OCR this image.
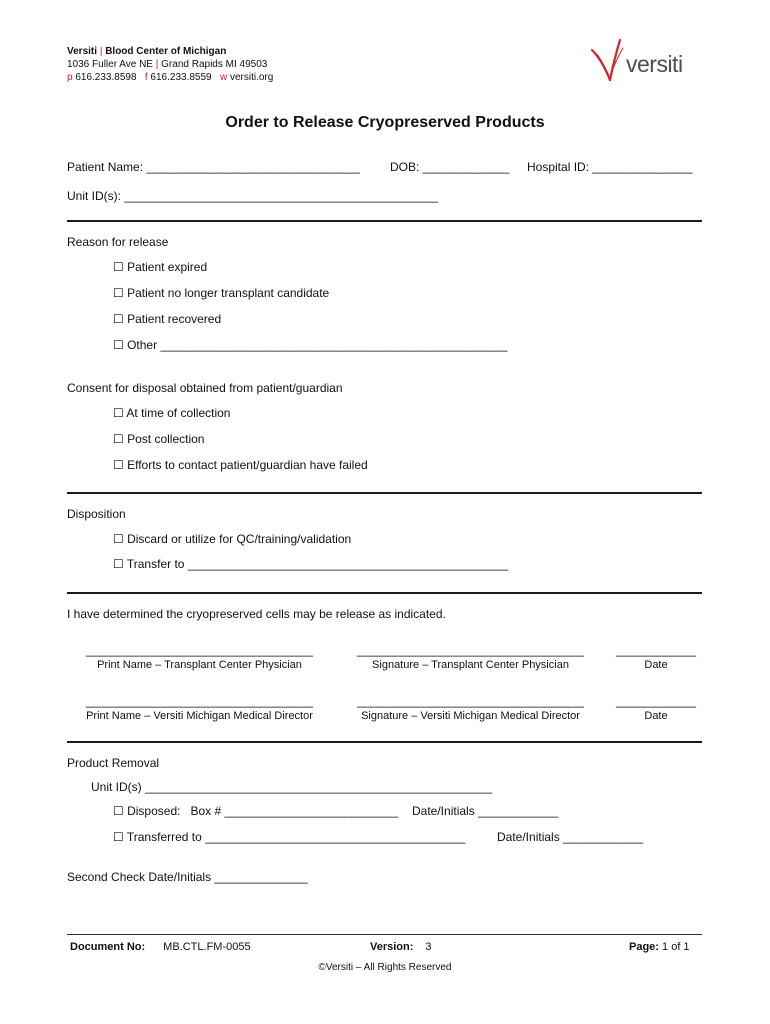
Versiti | Blood Center of Michigan
1036 Fuller Ave NE | Grand Rapids MI 49503
p 616.233.8598 f 616.233.8559 w versiti.org
versiti
Order to Release Cryopreserved Products
Patient Name: ________________________________	DOB: _____________ Hospital ID: _______________
Unit ID(s): _______________________________________________
Reason for release
☐ Patient expired
☐ Patient no longer transplant candidate
☐ Patient recovered
☐ Other ____________________________________________________
Consent for disposal obtained from patient/guardian
☐ At time of collection
☐ Post collection
☐ Efforts to contact patient/guardian have failed
Disposition
☐ Discard or utilize for QC/training/validation
☐ Transfer to ________________________________________________
I have determined the cryopreserved cells may be release as indicated.
__________________________________	__________________________________	____________
Print Name – Transplant Center Physician	Signature – Transplant Center Physician	Date
__________________________________	__________________________________	____________
Print Name – Versiti Michigan Medical Director	Signature – Versiti Michigan Medical Director	Date
Product Removal
Unit ID(s) ____________________________________________________
☐ Disposed:   Box # __________________________ Date/Initials ____________
☐ Transferred to _______________________________________	Date/Initials ____________
Second Check Date/Initials ______________
Document No: MB.CTL.FM-0055	Version: 3	Page: 1 of 1
©Versiti – All Rights Reserved
